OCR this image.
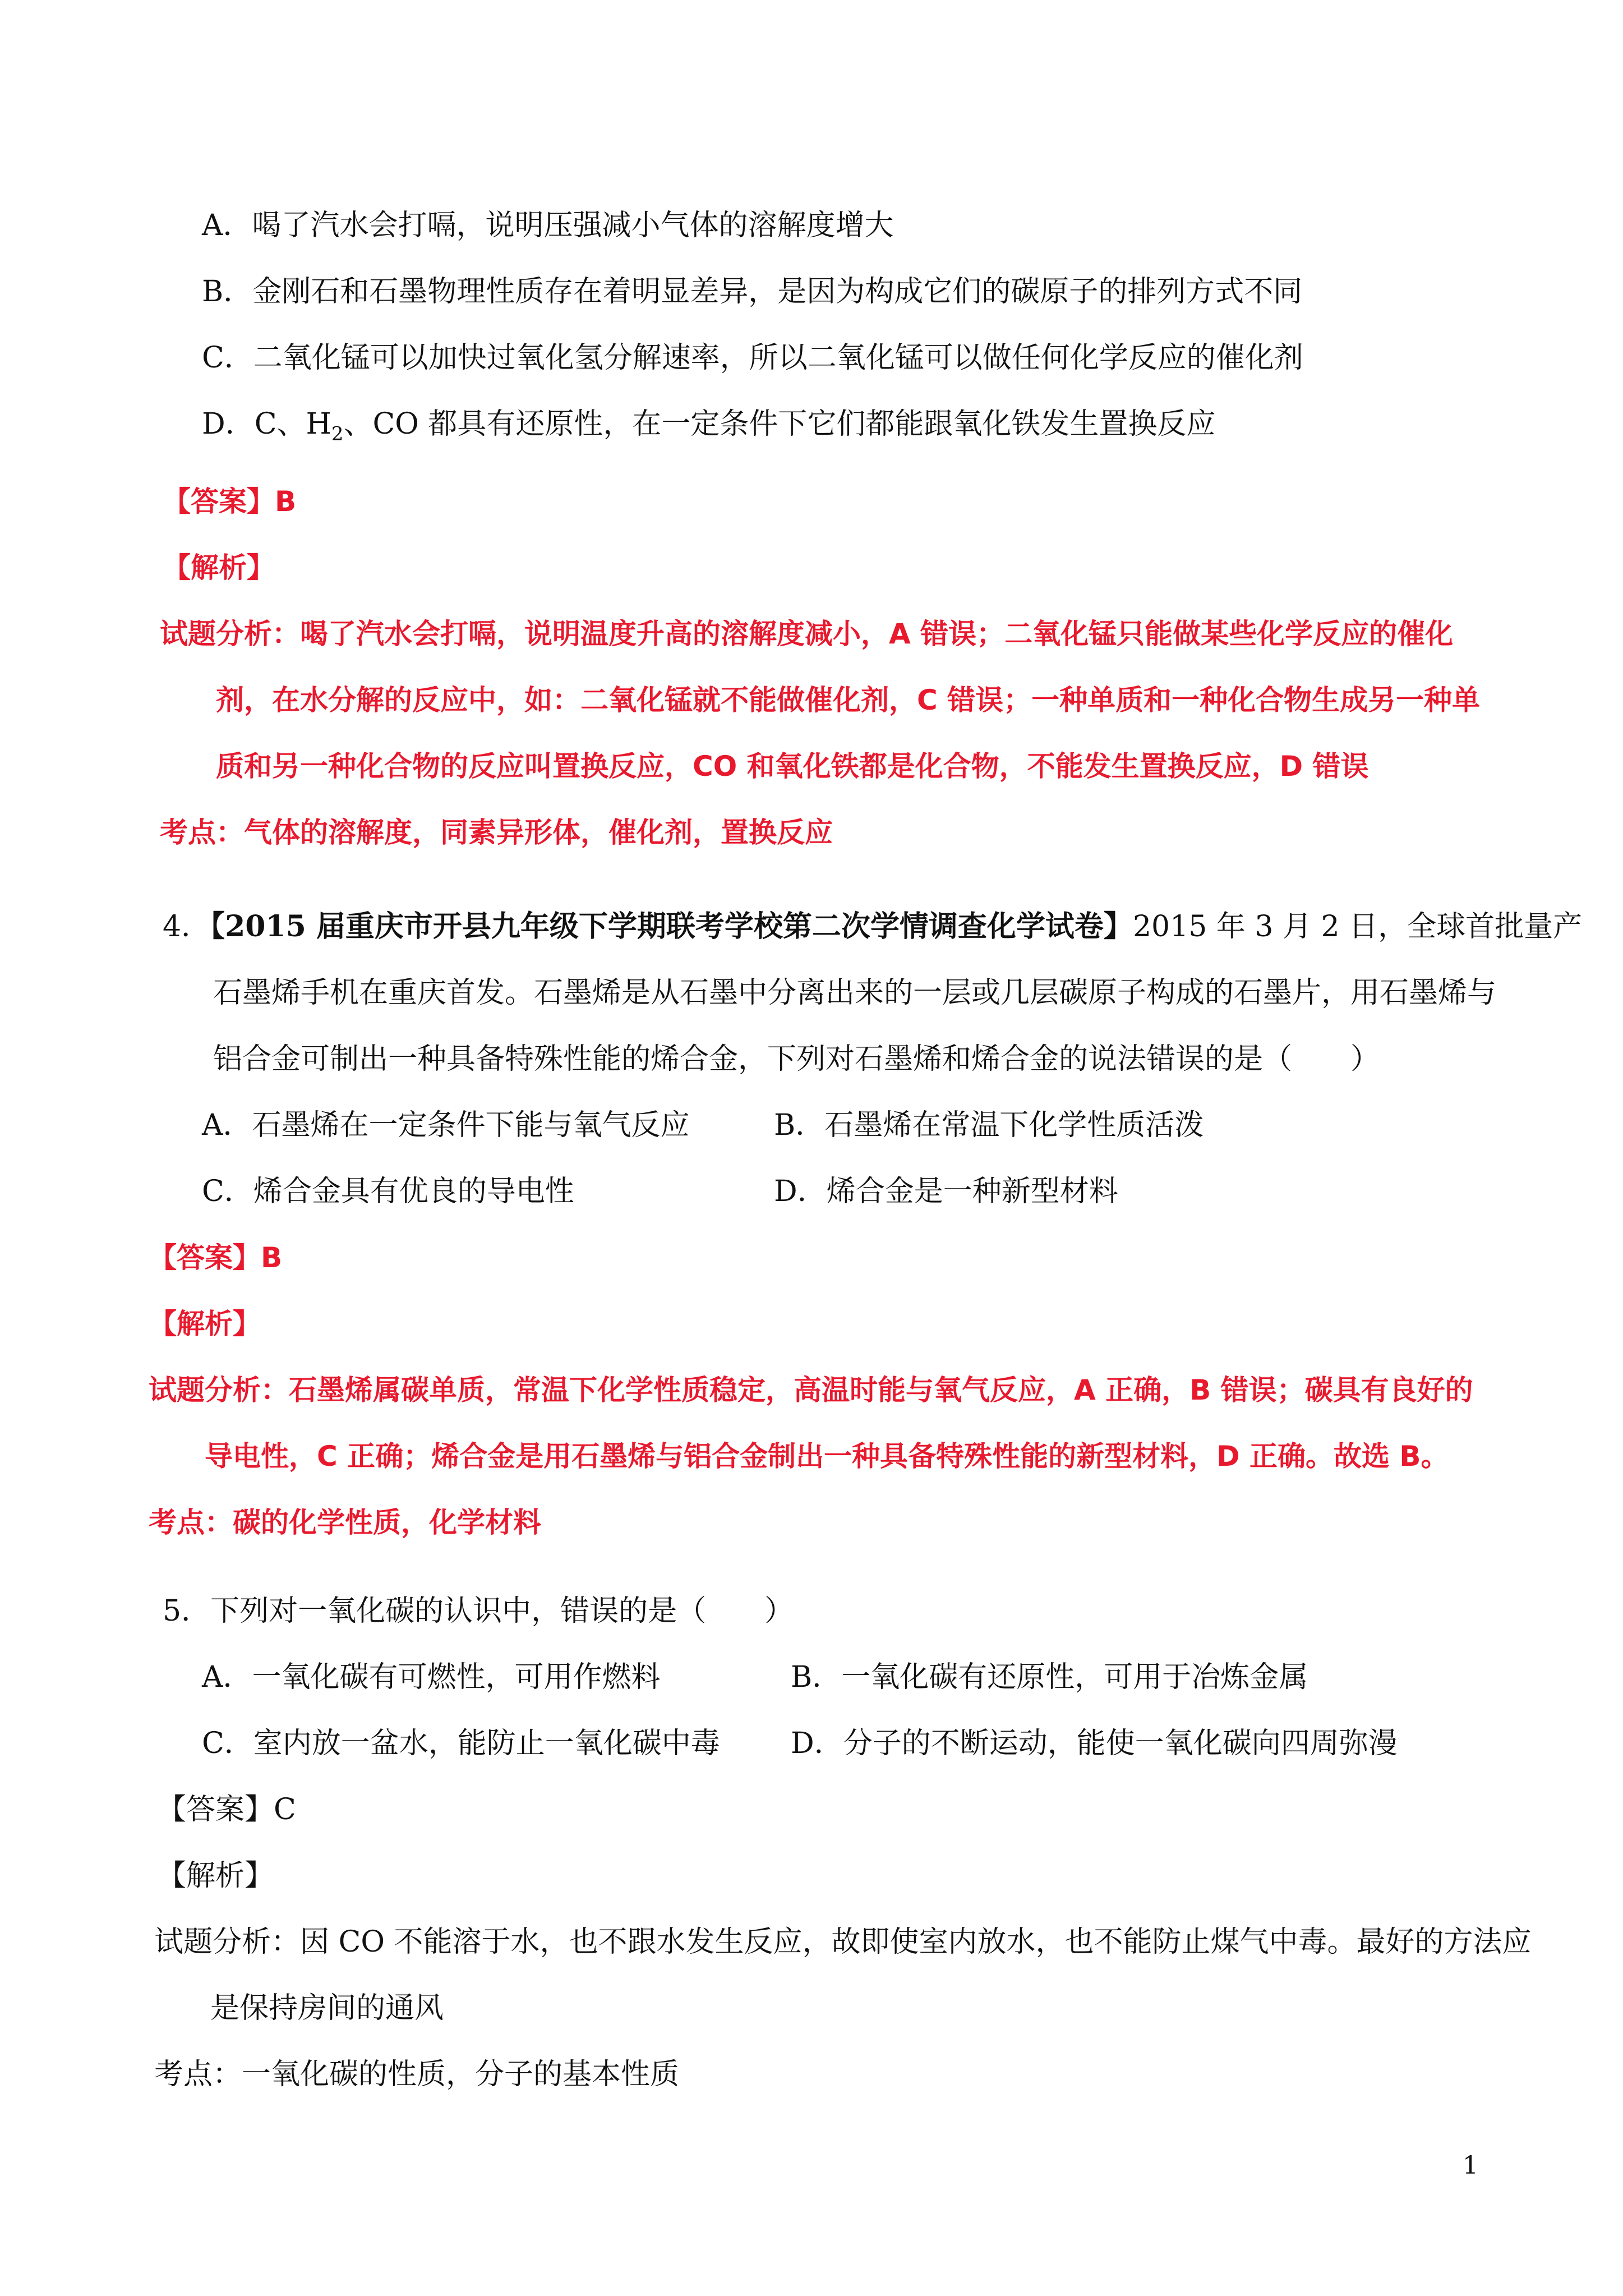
A．喝了汽水会打嗝，说明压强减小气体的溶解度增大
B．金刚石和石墨物理性质存在着明显差异，是因为构成它们的碳原子的排列方式不同
C．二氧化锰可以加快过氧化氢分解速率，所以二氧化锰可以做任何化学反应的催化剂
D．C、$H_2$、CO 都具有还原性，在一定条件下它们都能跟氧化铁发生置换反应
【答案】B
【解析】
试题分析：喝了汽水会打嗝，说明温度升高的溶解度减小，A 错误；二氧化锰只能做某些化学反应的催化
剂，在水分解的反应中，如：二氧化锰就不能做催化剂，C 错误；一种单质和一种化合物生成另一种单
质和另一种化合物的反应叫置换反应，CO 和氧化铁都是化合物，不能发生置换反应，D 错误
考点：气体的溶解度，同素异形体，催化剂，置换反应
4．【2015 届重庆市开县九年级下学期联考学校第二次学情调查化学试卷】2015 年 3 月 2 日，全球首批量产
石墨烯手机在重庆首发。石墨烯是从石墨中分离出来的一层或几层碳原子构成的石墨片，用石墨烯与
铝合金可制出一种具备特殊性能的烯合金，下列对石墨烯和烯合金的说法错误的是（　　）
A．石墨烯在一定条件下能与氧气反应	B．石墨烯在常温下化学性质活泼
C．烯合金具有优良的导电性	D．烯合金是一种新型材料
【答案】B
【解析】
试题分析：石墨烯属碳单质，常温下化学性质稳定，高温时能与氧气反应，A 正确，B 错误；碳具有良好的
导电性，C 正确；烯合金是用石墨烯与铝合金制出一种具备特殊性能的新型材料，D 正确。故选 B。
考点：碳的化学性质，化学材料
5．下列对一氧化碳的认识中，错误的是（　　）
A．一氧化碳有可燃性，可用作燃料	B．一氧化碳有还原性，可用于冶炼金属
C．室内放一盆水，能防止一氧化碳中毒 D．分子的不断运动，能使一氧化碳向四周弥漫
【答案】C
【解析】
试题分析：因 CO 不能溶于水，也不跟水发生反应，故即使室内放水，也不能防止煤气中毒。最好的方法应
是保持房间的通风
考点：一氧化碳的性质，分子的基本性质
1
